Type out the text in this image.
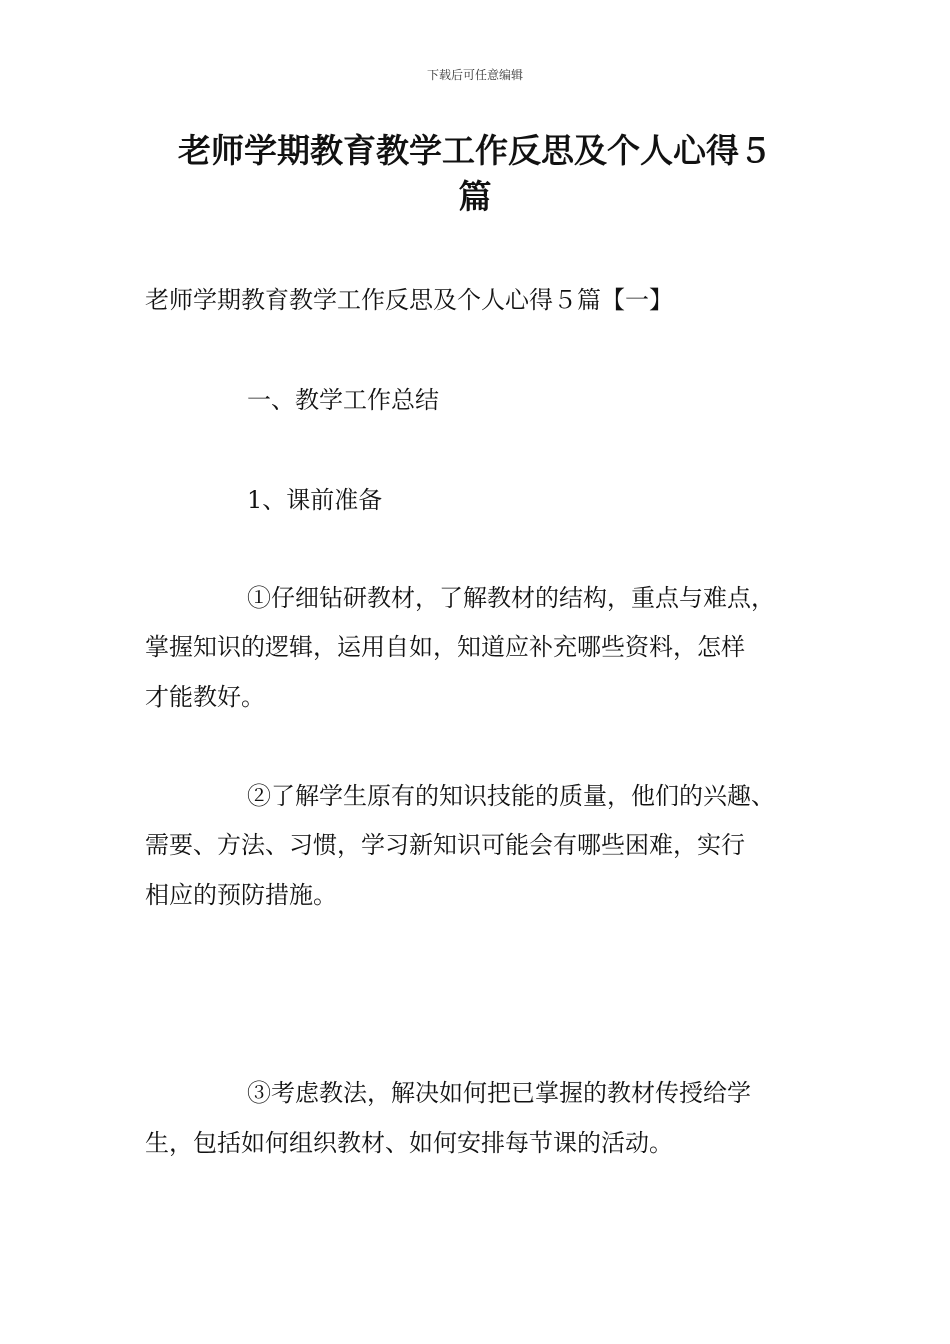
下载后可任意编辑
老师学期教育教学工作反思及个人心得５
篇

老师学期教育教学工作反思及个人心得５篇【一】

一、教学工作总结

1、课前准备

①仔细钻研教材，了解教材的结构，重点与难点，

掌握知识的逻辑，运用自如，知道应补充哪些资料，怎样

才能教好。

②了解学生原有的知识技能的质量，他们的兴趣、

需要、方法、习惯，学习新知识可能会有哪些困难，实行

相应的预防措施。

③考虑教法，解决如何把已掌握的教材传授给学

生，包括如何组织教材、如何安排每节课的活动。
